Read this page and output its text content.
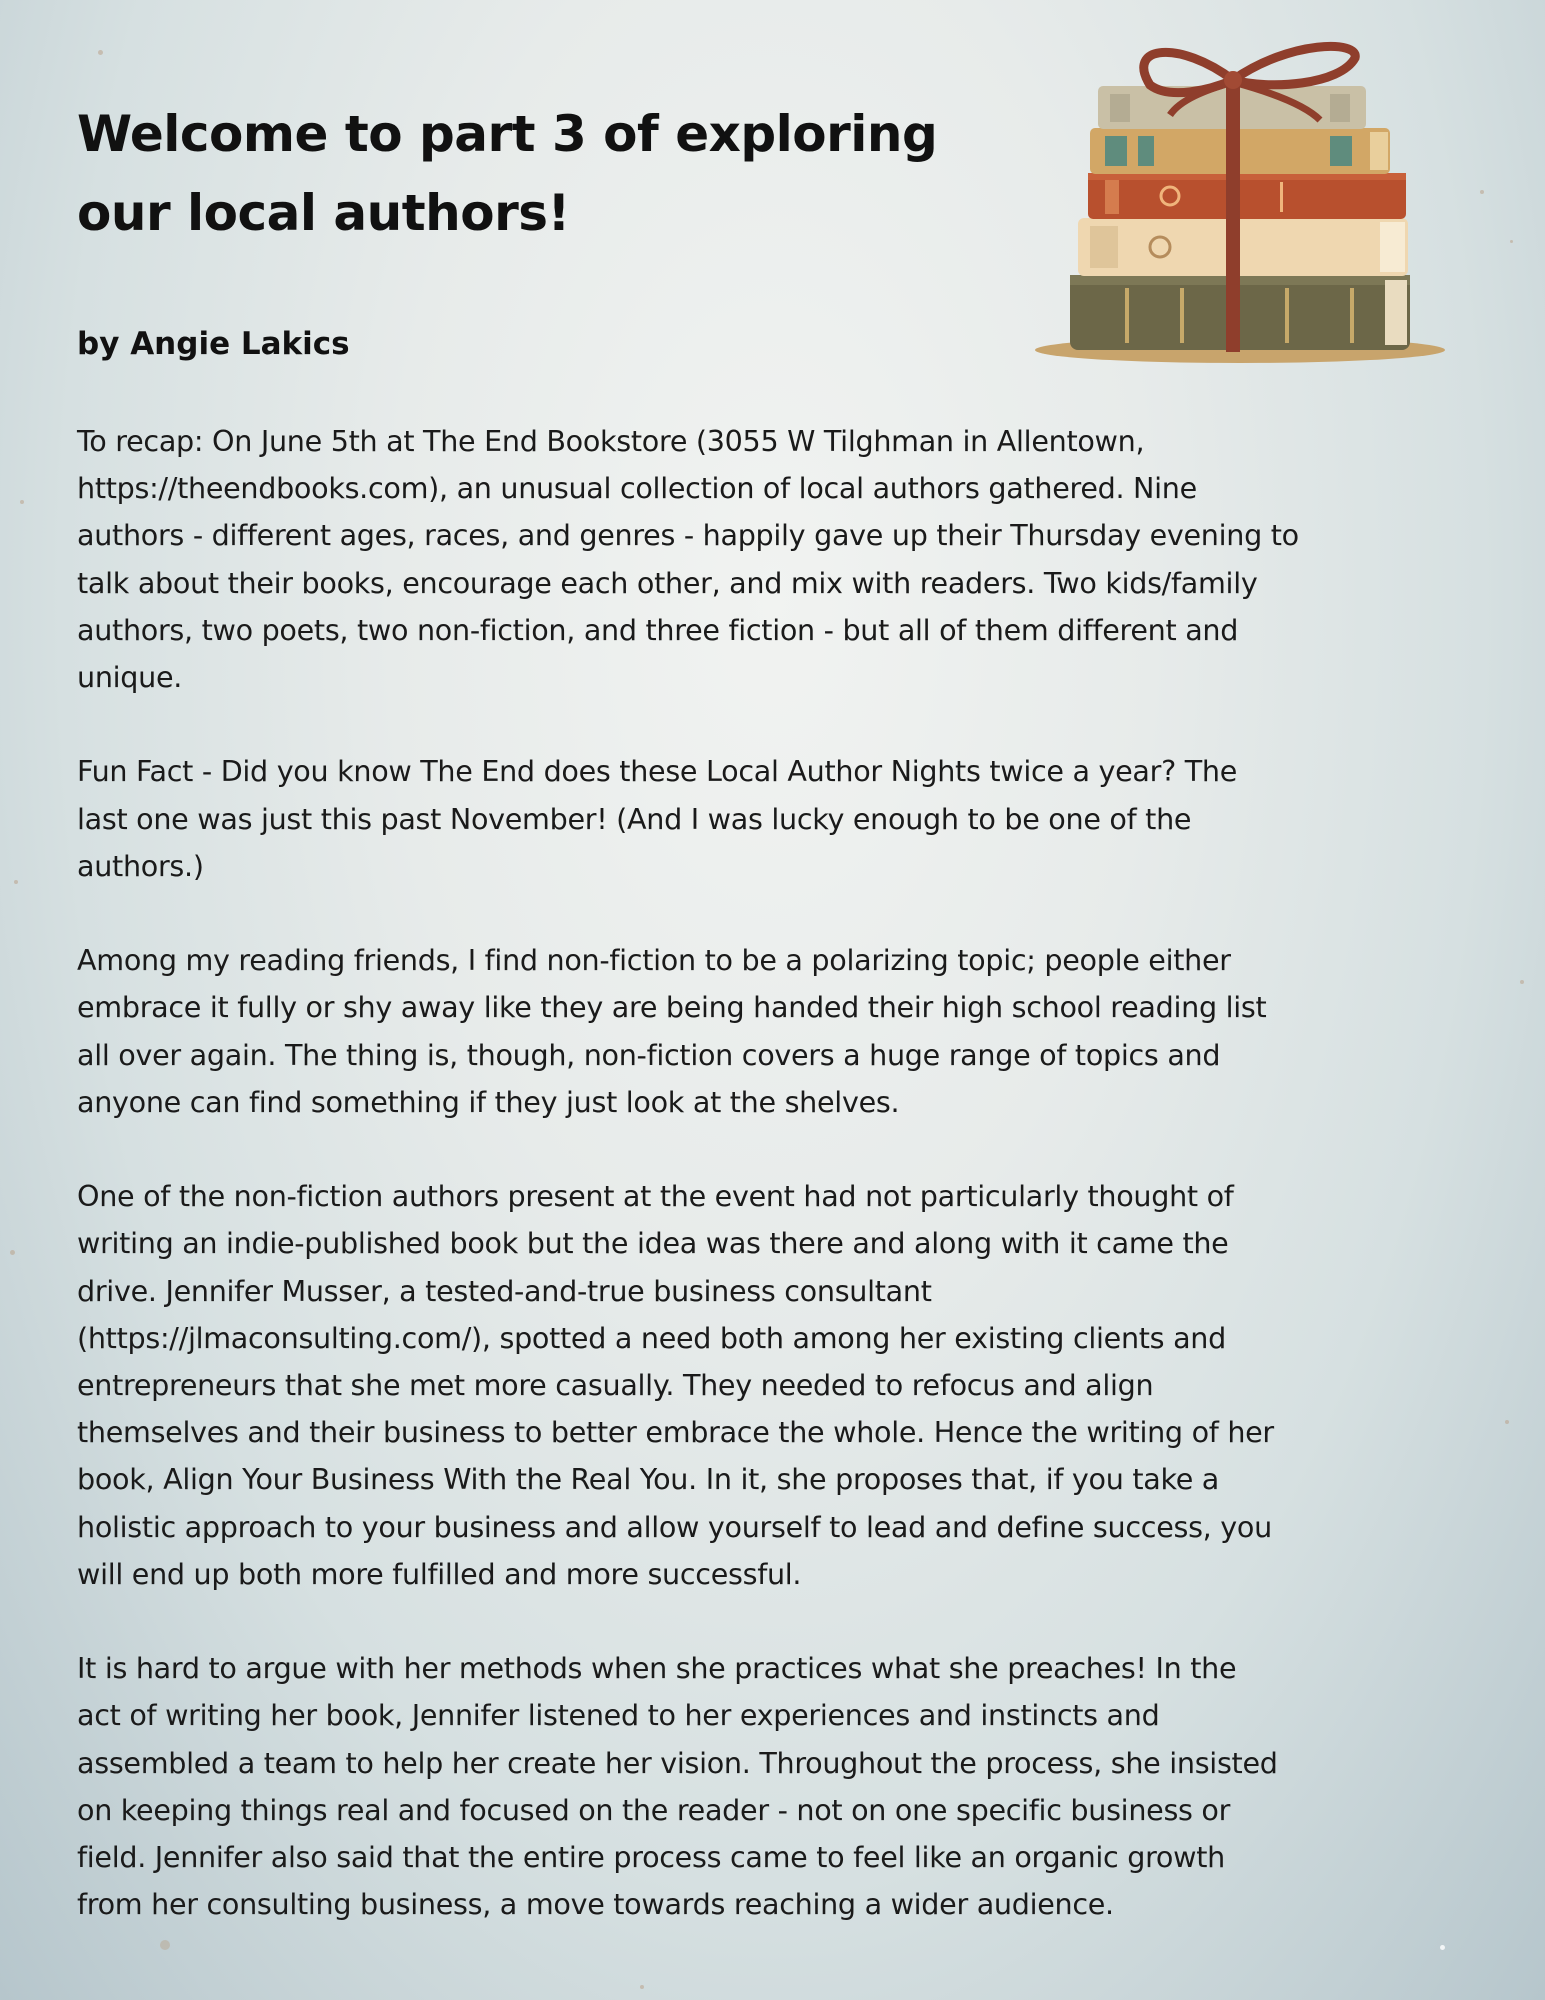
Welcome to part 3 of exploring
our local authors!

by Angie Lakics

To recap: On June 5th at The End Bookstore (3055 W Tilghman in Allentown,
https://theendbooks.com), an unusual collection of local authors gathered. Nine
authors - different ages, races, and genres - happily gave up their Thursday evening to
talk about their books, encourage each other, and mix with readers. Two kids/family
authors, two poets, two non-fiction, and three fiction - but all of them different and
unique.

Fun Fact - Did you know The End does these Local Author Nights twice a year? The
last one was just this past November! (And I was lucky enough to be one of the
authors.)

Among my reading friends, I find non-fiction to be a polarizing topic; people either
embrace it fully or shy away like they are being handed their high school reading list
all over again. The thing is, though, non-fiction covers a huge range of topics and
anyone can find something if they just look at the shelves.

One of the non-fiction authors present at the event had not particularly thought of
writing an indie-published book but the idea was there and along with it came the
drive. Jennifer Musser, a tested-and-true business consultant
(https://jlmaconsulting.com/), spotted a need both among her existing clients and
entrepreneurs that she met more casually. They needed to refocus and align
themselves and their business to better embrace the whole. Hence the writing of her
book, Align Your Business With the Real You. In it, she proposes that, if you take a
holistic approach to your business and allow yourself to lead and define success, you
will end up both more fulfilled and more successful.

It is hard to argue with her methods when she practices what she preaches! In the
act of writing her book, Jennifer listened to her experiences and instincts and
assembled a team to help her create her vision. Throughout the process, she insisted
on keeping things real and focused on the reader - not on one specific business or
field. Jennifer also said that the entire process came to feel like an organic growth
from her consulting business, a move towards reaching a wider audience.
